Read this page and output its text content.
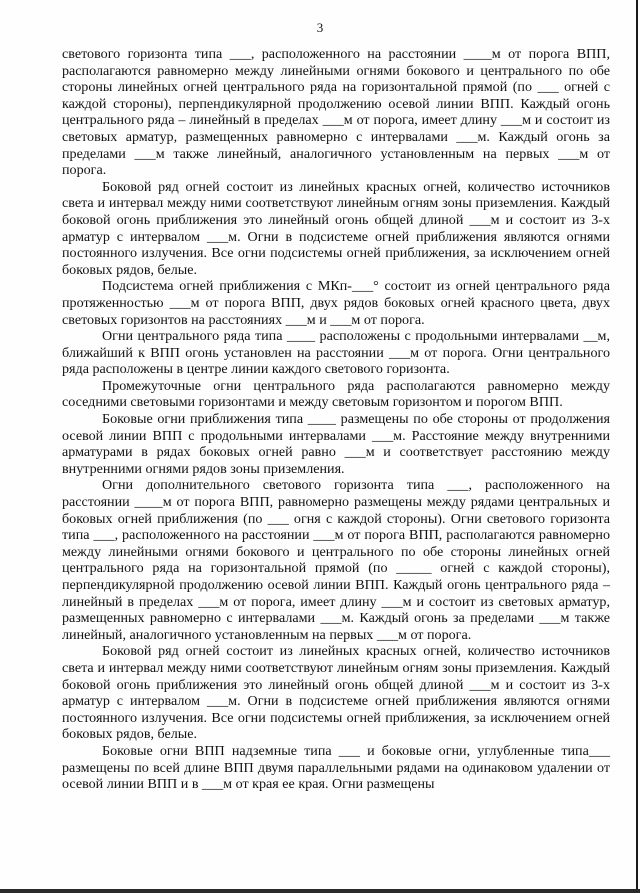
3

светового горизонта типа ___, расположенного на расстоянии ____м от порога ВПП, располагаются равномерно между линейными огнями бокового и центрального по обе стороны линейных огней центрального ряда на горизонтальной прямой (по ___ огней с каждой стороны), перпендикулярной продолжению осевой линии ВПП. Каждый огонь центрального ряда – линейный в пределах ___м от порога, имеет длину ___м и состоит из световых арматур, размещенных равномерно с интервалами ___м. Каждый огонь за пределами ___м также линейный, аналогичного установленным на первых ___м от порога.

Боковой ряд огней состоит из линейных красных огней, количество источников света и интервал между ними соответствуют линейным огням зоны приземления. Каждый боковой огонь приближения это линейный огонь общей длиной ___м и состоит из 3-х арматур с интервалом ___м. Огни в подсистеме огней приближения являются огнями постоянного излучения. Все огни подсистемы огней приближения, за исключением огней боковых рядов, белые.

Подсистема огней приближения с МКп-___° состоит из огней центрального ряда протяженностью ___м от порога ВПП, двух рядов боковых огней красного цвета, двух световых горизонтов на расстояниях ___м и ___м от порога.

Огни центрального ряда типа ____ расположены с продольными интервалами __м, ближайший к ВПП огонь установлен на расстоянии ___м от порога. Огни центрального ряда расположены в центре линии каждого светового горизонта.

Промежуточные огни центрального ряда располагаются равномерно между соседними световыми горизонтами и между световым горизонтом и порогом ВПП.

Боковые огни приближения типа ____ размещены по обе стороны от продолжения осевой линии ВПП с продольными интервалами ___м. Расстояние между внутренними арматурами в рядах боковых огней равно ___м и соответствует расстоянию между внутренними огнями рядов зоны приземления.

Огни дополнительного светового горизонта типа ___, расположенного на расстоянии ____м от порога ВПП, равномерно размещены между рядами центральных и боковых огней приближения (по ___ огня с каждой стороны). Огни светового горизонта типа ___, расположенного на расстоянии ___м от порога ВПП, располагаются равномерно между линейными огнями бокового и центрального по обе стороны линейных огней центрального ряда на горизонтальной прямой (по _____ огней с каждой стороны), перпендикулярной продолжению осевой линии ВПП. Каждый огонь центрального ряда – линейный в пределах ___м от порога, имеет длину ___м и состоит из световых арматур, размещенных равномерно с интервалами ___м. Каждый огонь за пределами ___м также линейный, аналогичного установленным на первых ___м от порога.

Боковой ряд огней состоит из линейных красных огней, количество источников света и интервал между ними соответствуют линейным огням зоны приземления. Каждый боковой огонь приближения это линейный огонь общей длиной ___м и состоит из 3-х арматур с интервалом ___м. Огни в подсистеме огней приближения являются огнями постоянного излучения. Все огни подсистемы огней приближения, за исключением огней боковых рядов, белые.

Боковые огни ВПП надземные типа ___ и боковые огни, углубленные типа___ размещены по всей длине ВПП двумя параллельными рядами на одинаковом удалении от осевой линии ВПП и в ___м от края ее края. Огни размещены
